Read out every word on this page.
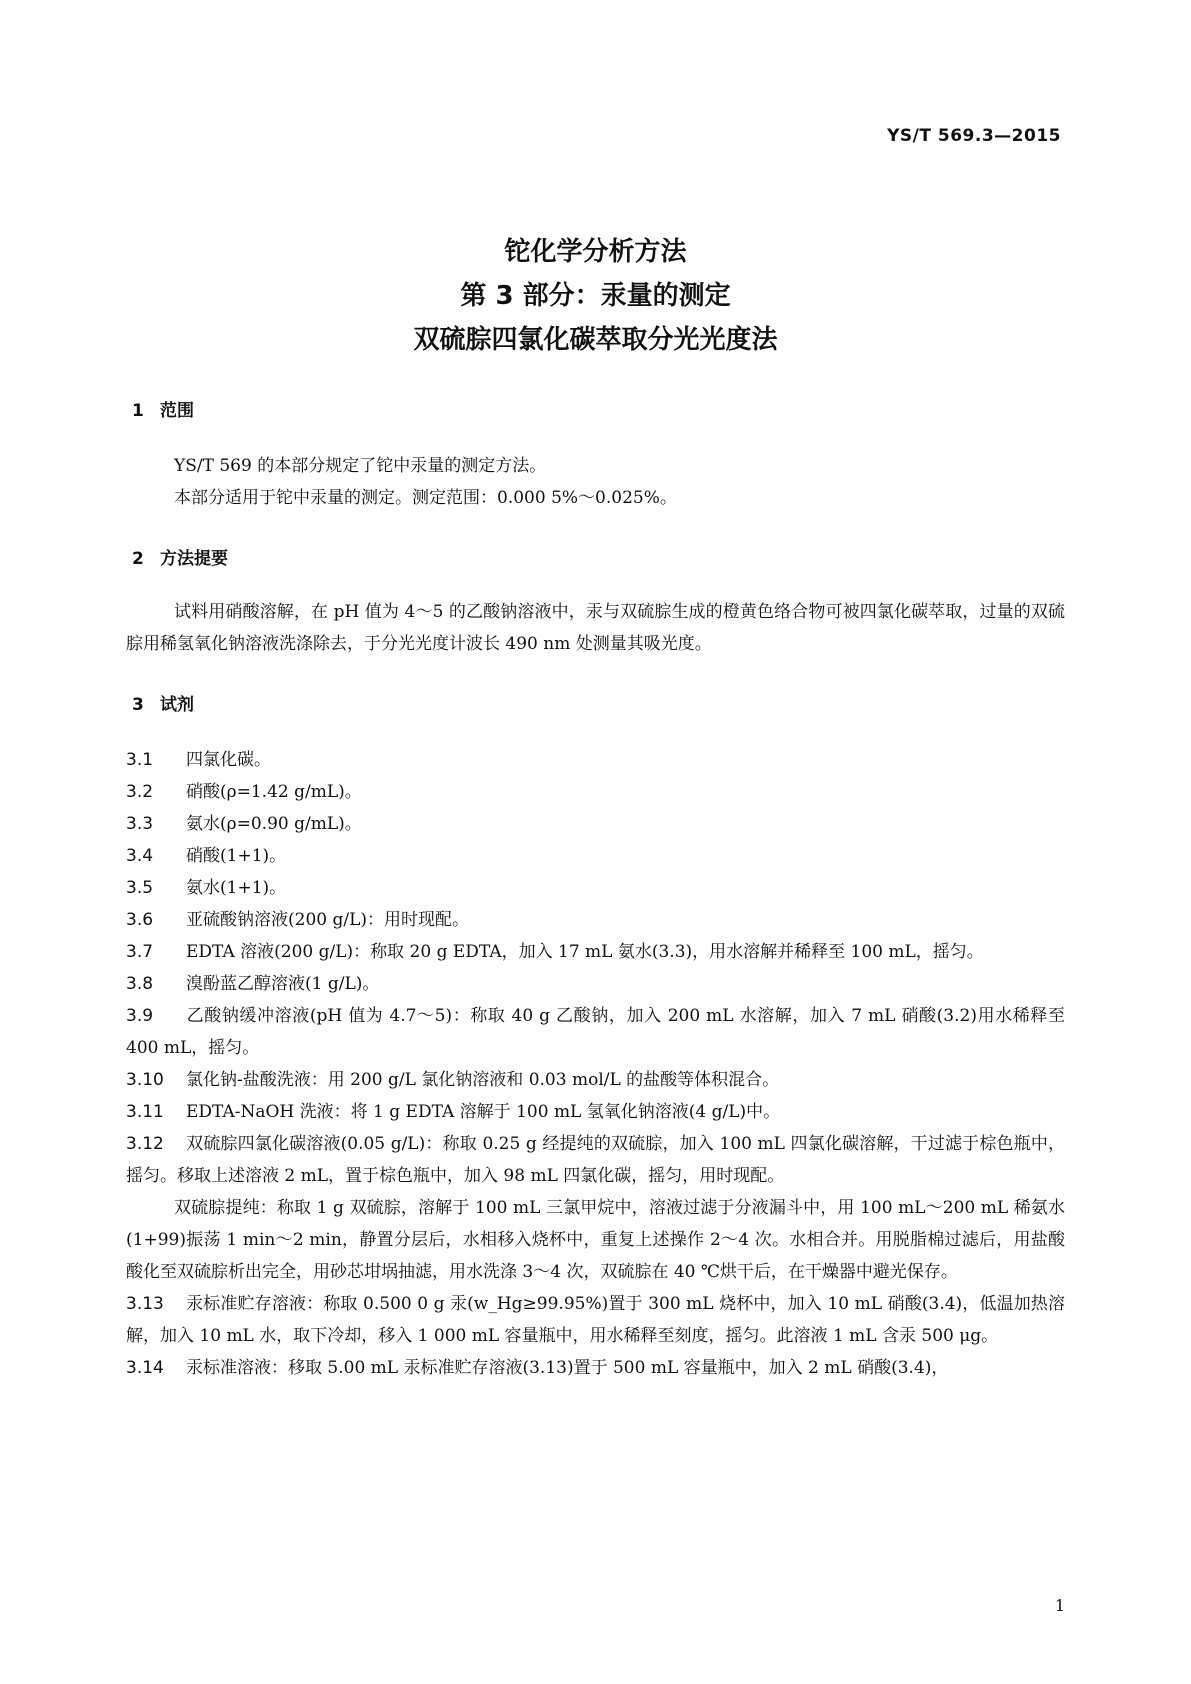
YS/T 569.3—2015
铊化学分析方法
第 3 部分：汞量的测定
双硫腙四氯化碳萃取分光光度法
1 范围
YS/T 569 的本部分规定了铊中汞量的测定方法。
本部分适用于铊中汞量的测定。测定范围：0.000 5%～0.025%。
2 方法提要
试料用硝酸溶解，在 pH 值为 4～5 的乙酸钠溶液中，汞与双硫腙生成的橙黄色络合物可被四氯化碳萃取，过量的双硫腙用稀氢氧化钠溶液洗涤除去，于分光光度计波长 490 nm 处测量其吸光度。
3 试剂
3.1 四氯化碳。
3.2 硝酸(ρ=1.42 g/mL)。
3.3 氨水(ρ=0.90 g/mL)。
3.4 硝酸(1+1)。
3.5 氨水(1+1)。
3.6 亚硫酸钠溶液(200 g/L)：用时现配。
3.7 EDTA 溶液(200 g/L)：称取 20 g EDTA，加入 17 mL 氨水(3.3)，用水溶解并稀释至 100 mL，摇匀。
3.8 溴酚蓝乙醇溶液(1 g/L)。
3.9 乙酸钠缓冲溶液(pH 值为 4.7～5)：称取 40 g 乙酸钠，加入 200 mL 水溶解，加入 7 mL 硝酸(3.2)用水稀释至 400 mL，摇匀。
3.10 氯化钠-盐酸洗液：用 200 g/L 氯化钠溶液和 0.03 mol/L 的盐酸等体积混合。
3.11 EDTA-NaOH 洗液：将 1 g EDTA 溶解于 100 mL 氢氧化钠溶液(4 g/L)中。
3.12 双硫腙四氯化碳溶液(0.05 g/L)：称取 0.25 g 经提纯的双硫腙，加入 100 mL 四氯化碳溶解，干过滤于棕色瓶中，摇匀。移取上述溶液 2 mL，置于棕色瓶中，加入 98 mL 四氯化碳，摇匀，用时现配。
双硫腙提纯：称取 1 g 双硫腙，溶解于 100 mL 三氯甲烷中，溶液过滤于分液漏斗中，用 100 mL～200 mL 稀氨水(1+99)振荡 1 min～2 min，静置分层后，水相移入烧杯中，重复上述操作 2～4 次。水相合并。用脱脂棉过滤后，用盐酸酸化至双硫腙析出完全，用砂芯坩埚抽滤，用水洗涤 3～4 次，双硫腙在 40 ℃烘干后，在干燥器中避光保存。
3.13 汞标准贮存溶液：称取 0.500 0 g 汞(w_Hg≥99.95%)置于 300 mL 烧杯中，加入 10 mL 硝酸(3.4)，低温加热溶解，加入 10 mL 水，取下冷却，移入 1 000 mL 容量瓶中，用水稀释至刻度，摇匀。此溶液 1 mL 含汞 500 μg。
3.14 汞标准溶液：移取 5.00 mL 汞标准贮存溶液(3.13)置于 500 mL 容量瓶中，加入 2 mL 硝酸(3.4)，
1
